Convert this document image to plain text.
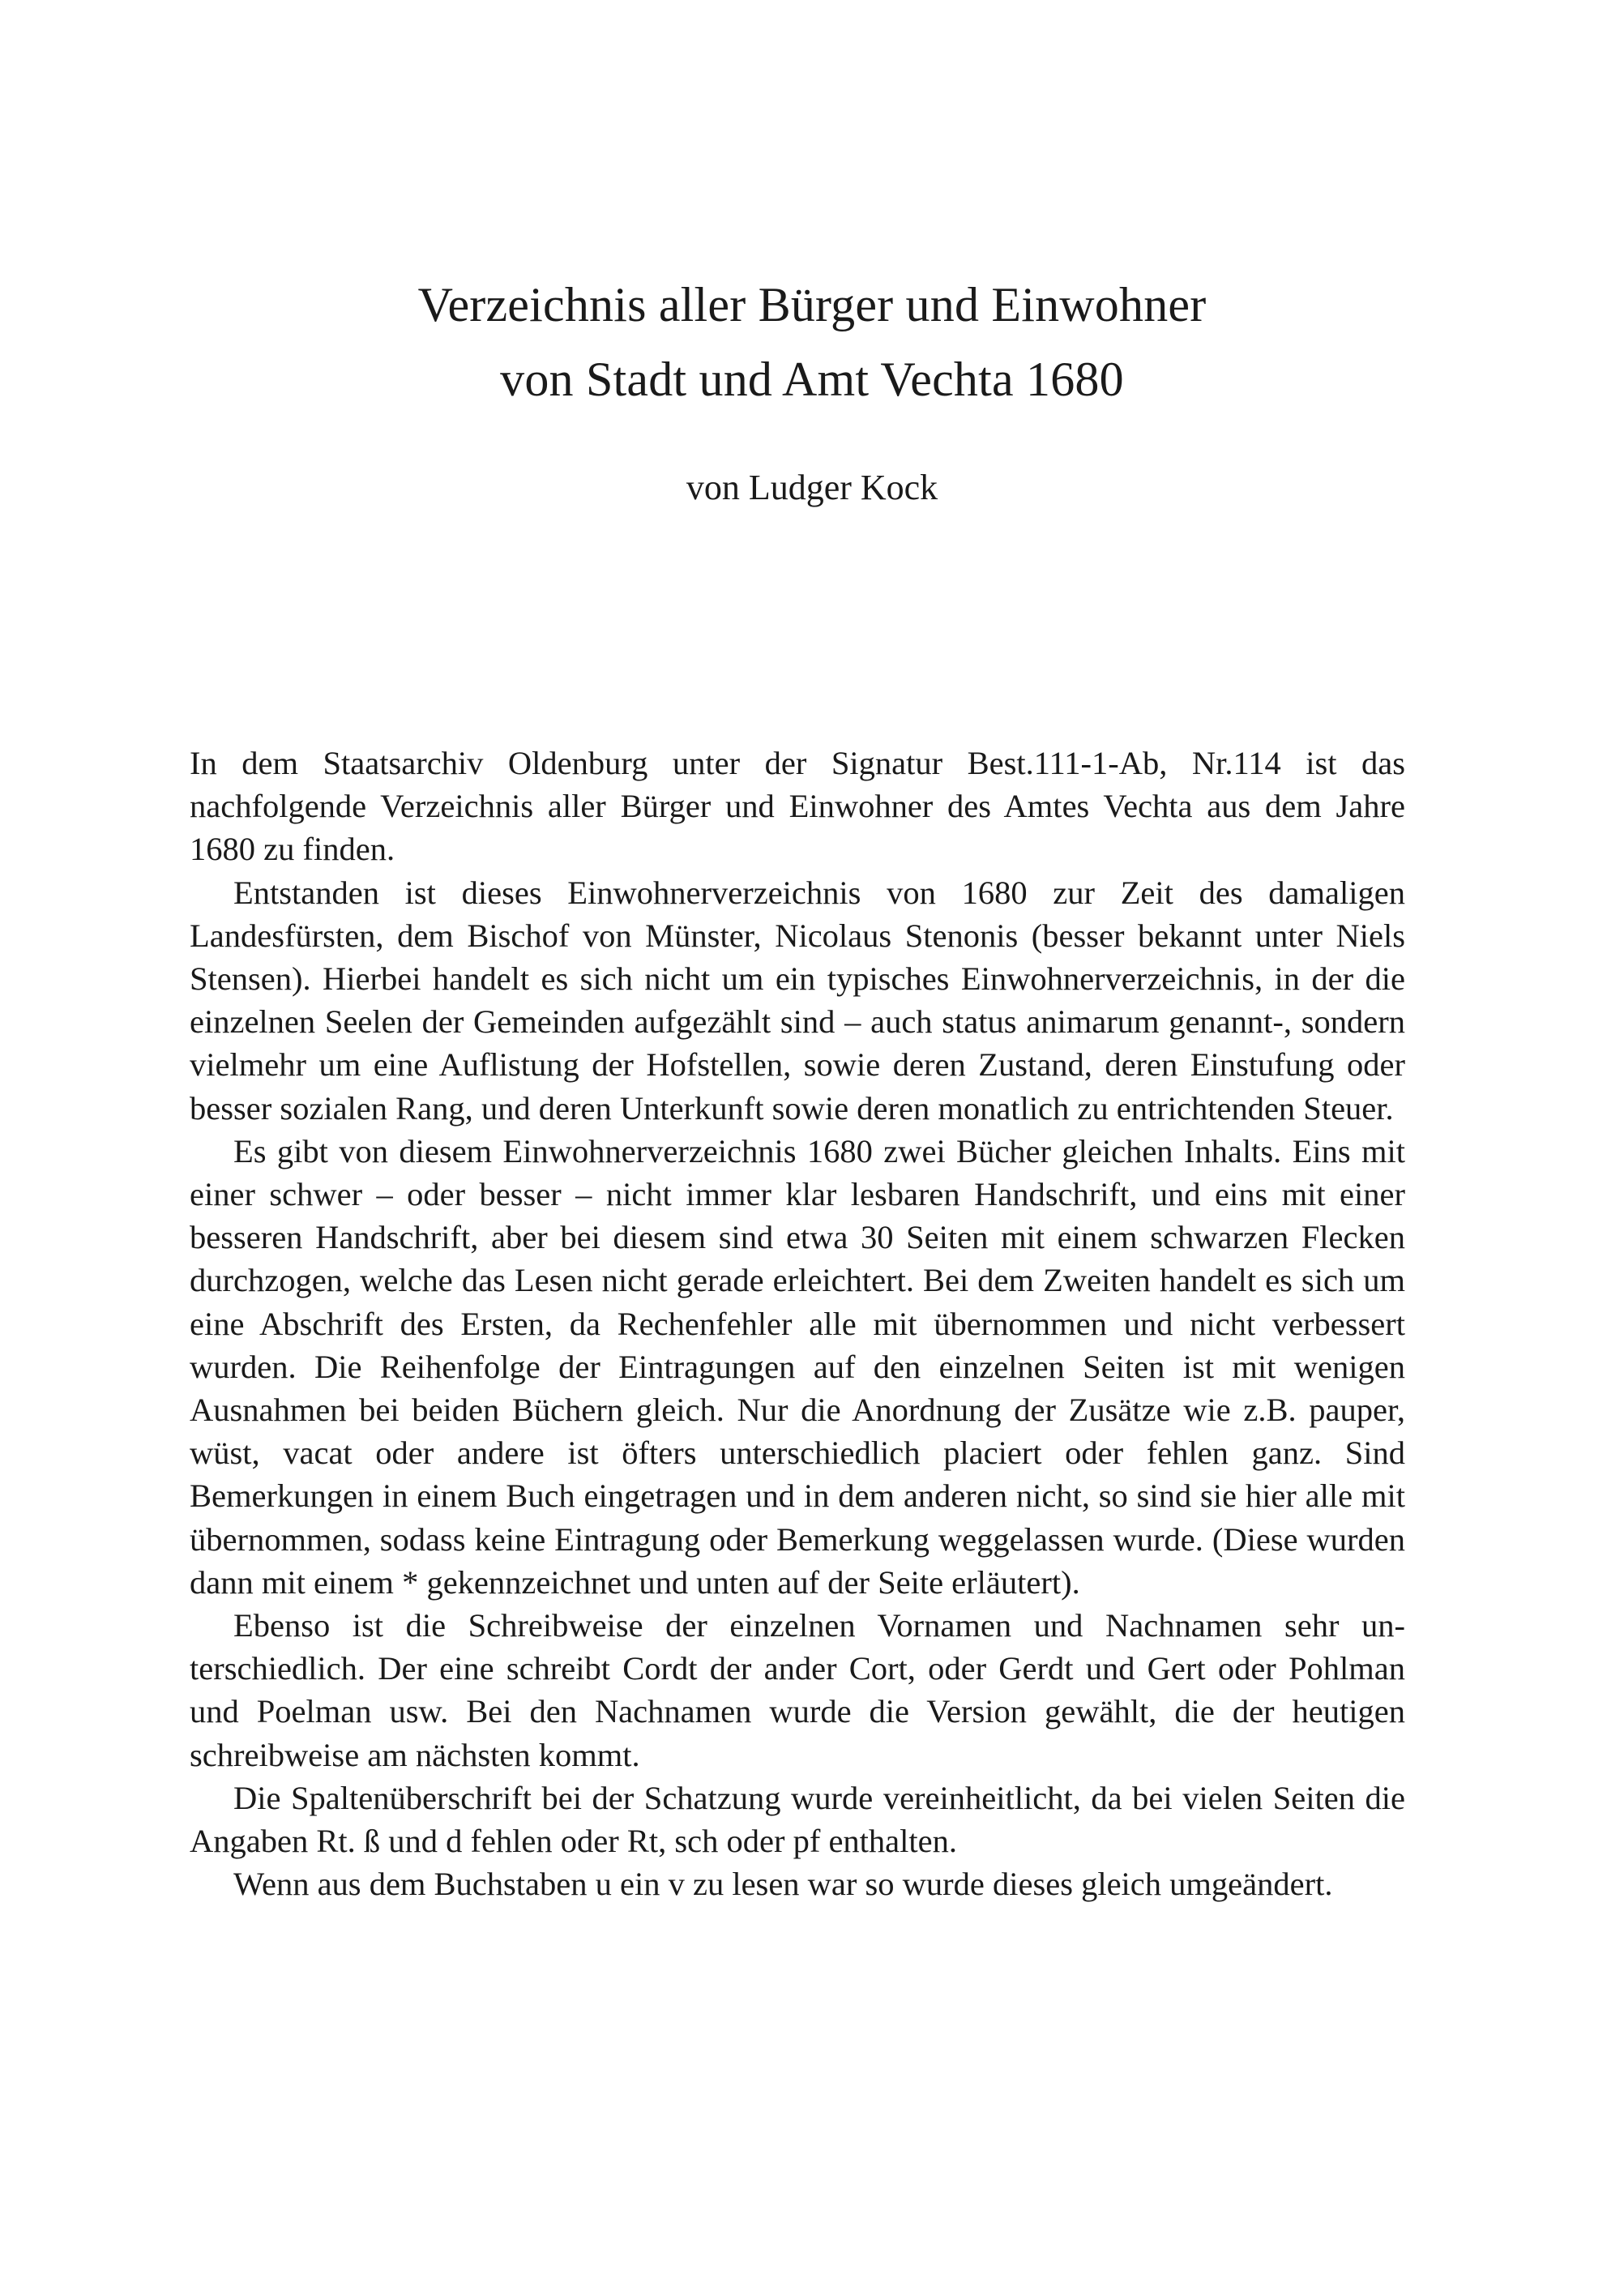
Verzeichnis aller Bürger und Einwohner
von Stadt und Amt Vechta 1680

von Ludger Kock

In dem Staatsarchiv Oldenburg unter der Signatur Best.111-1-Ab, Nr.114 ist das nachfolgende Verzeichnis aller Bürger und Einwohner des Amtes Vechta aus dem Jahre 1680 zu finden.

Entstanden ist dieses Einwohnerverzeichnis von 1680 zur Zeit des damaligen Landesfürsten, dem Bischof von Münster, Nicolaus Stenonis (besser bekannt unter Niels Stensen). Hierbei handelt es sich nicht um ein typisches Einwohnerverzeichnis, in der die einzelnen Seelen der Gemeinden aufgezählt sind – auch status animarum genannt-, sondern vielmehr um eine Auflistung der Hofstellen, sowie deren Zustand, deren Einstufung oder besser sozialen Rang, und deren Unterkunft sowie deren monatlich zu entrichtenden Steuer.

Es gibt von diesem Einwohnerverzeichnis 1680 zwei Bücher gleichen Inhalts. Eins mit einer schwer – oder besser – nicht immer klar lesbaren Handschrift, und eins mit einer besseren Handschrift, aber bei diesem sind etwa 30 Seiten mit einem schwarzen Flecken durchzogen, welche das Lesen nicht gerade erleichtert. Bei dem Zweiten handelt es sich um eine Abschrift des Ersten, da Rechenfehler alle mit übernommen und nicht verbessert wurden. Die Reihenfolge der Eintragungen auf den einzelnen Seiten ist mit wenigen Ausnahmen bei beiden Büchern gleich. Nur die Anordnung der Zusätze wie z.B. pauper, wüst, vacat oder andere ist öfters unterschiedlich placiert oder fehlen ganz. Sind Bemerkungen in einem Buch eingetragen und in dem anderen nicht, so sind sie hier alle mit übernommen, sodass keine Eintragung oder Bemerkung weggelassen wurde. (Diese wurden dann mit einem * gekennzeichnet und unten auf der Seite erläutert).

Ebenso ist die Schreibweise der einzelnen Vornamen und Nachnamen sehr unterschiedlich. Der eine schreibt Cordt der ander Cort, oder Gerdt und Gert oder Pohlman und Poelman usw. Bei den Nachnamen wurde die Version gewählt, die der heutigen schreibweise am nächsten kommt.

Die Spaltenüberschrift bei der Schatzung wurde vereinheitlicht, da bei vielen Seiten die Angaben Rt. ß und d fehlen oder Rt, sch oder pf enthalten.

Wenn aus dem Buchstaben u ein v zu lesen war so wurde dieses gleich umgeändert.
